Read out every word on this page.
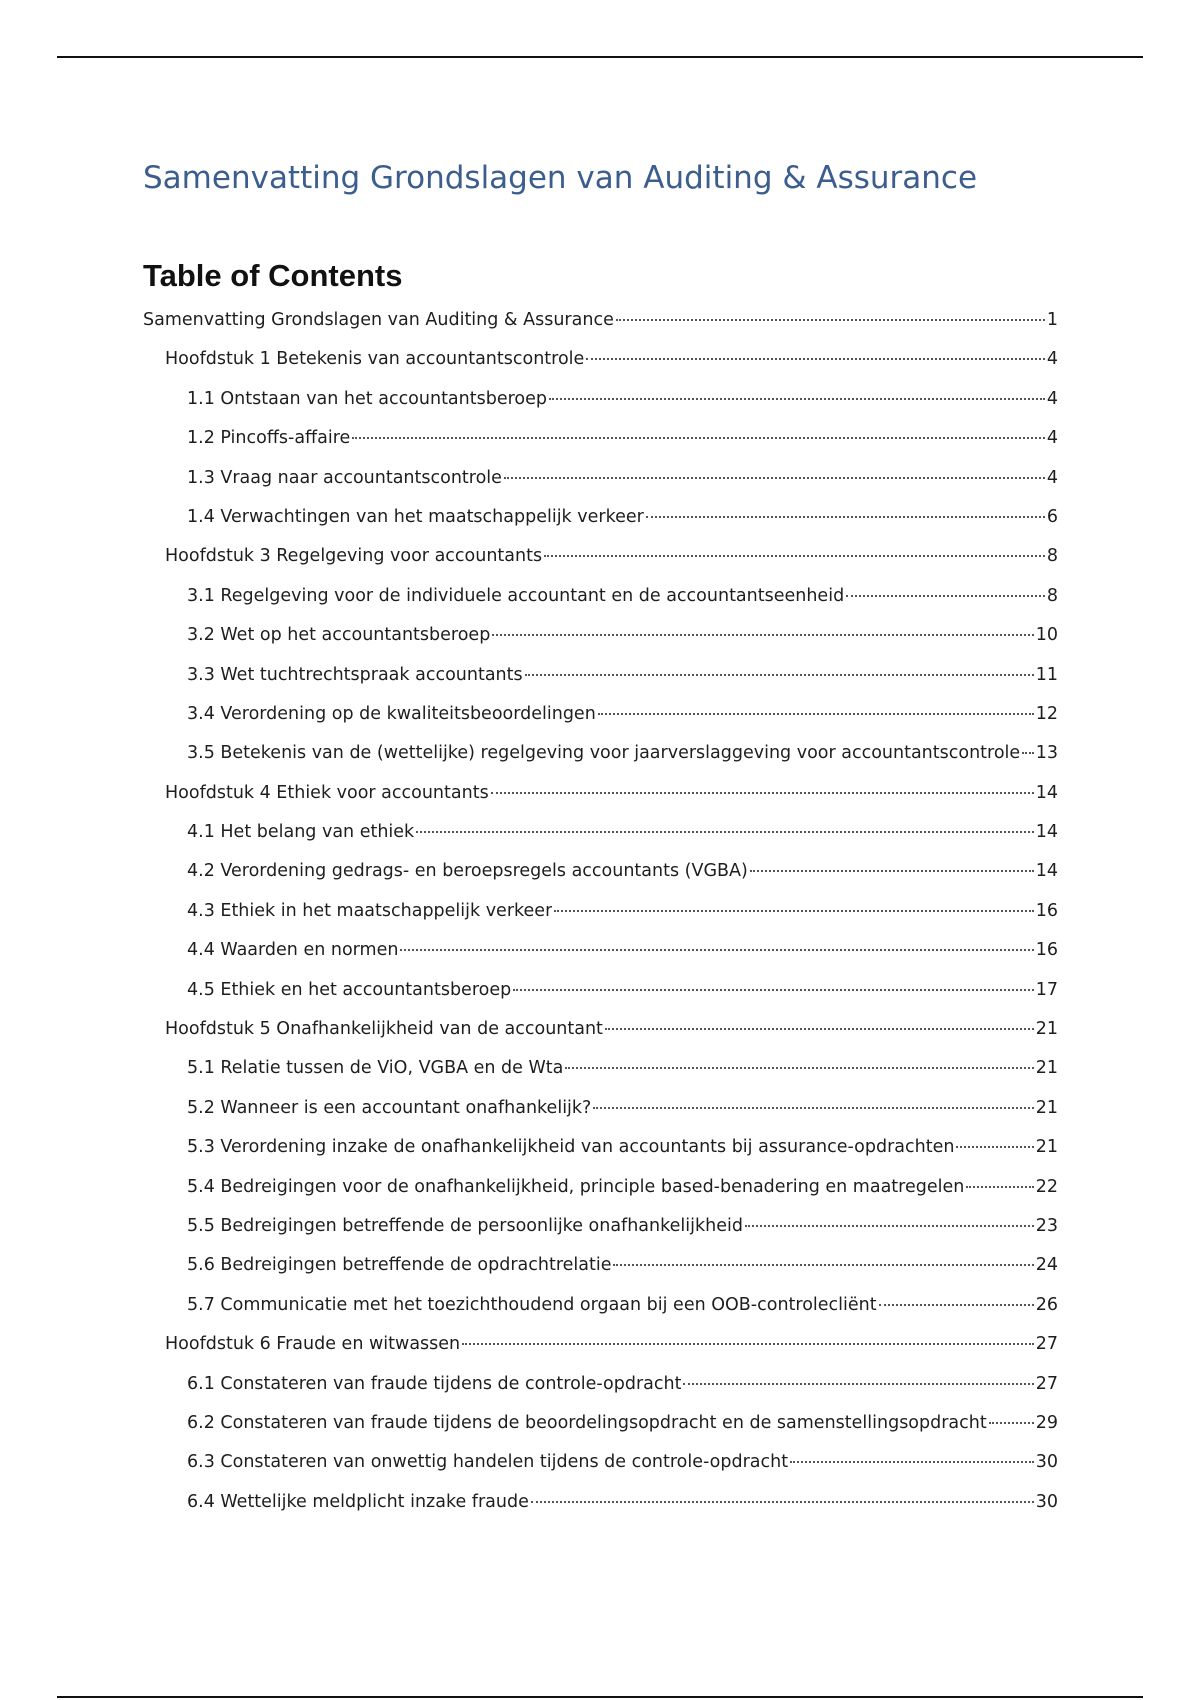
Samenvatting Grondslagen van Auditing & Assurance
Table of Contents
Samenvatting Grondslagen van Auditing & Assurance	1
Hoofdstuk 1 Betekenis van accountantscontrole	4
1.1 Ontstaan van het accountantsberoep	4
1.2 Pincoffs-affaire	4
1.3 Vraag naar accountantscontrole	4
1.4 Verwachtingen van het maatschappelijk verkeer	6
Hoofdstuk 3 Regelgeving voor accountants	8
3.1 Regelgeving voor de individuele accountant en de accountantseenheid	8
3.2 Wet op het accountantsberoep	10
3.3 Wet tuchtrechtspraak accountants	11
3.4 Verordening op de kwaliteitsbeoordelingen	12
3.5 Betekenis van de (wettelijke) regelgeving voor jaarverslaggeving voor accountantscontrole 13
Hoofdstuk 4 Ethiek voor accountants	14
4.1 Het belang van ethiek	14
4.2 Verordening gedrags- en beroepsregels accountants (VGBA)	14
4.3 Ethiek in het maatschappelijk verkeer	16
4.4 Waarden en normen	16
4.5 Ethiek en het accountantsberoep	17
Hoofdstuk 5 Onafhankelijkheid van de accountant	21
5.1 Relatie tussen de ViO, VGBA en de Wta	21
5.2 Wanneer is een accountant onafhankelijk?	21
5.3 Verordening inzake de onafhankelijkheid van accountants bij assurance-opdrachten	21
5.4 Bedreigingen voor de onafhankelijkheid, principle based-benadering en maatregelen	22
5.5 Bedreigingen betreffende de persoonlijke onafhankelijkheid	23
5.6 Bedreigingen betreffende de opdrachtrelatie	24
5.7 Communicatie met het toezichthoudend orgaan bij een OOB-controlecliënt	26
Hoofdstuk 6 Fraude en witwassen	27
6.1 Constateren van fraude tijdens de controle-opdracht	27
6.2 Constateren van fraude tijdens de beoordelingsopdracht en de samenstellingsopdracht	29
6.3 Constateren van onwettig handelen tijdens de controle-opdracht	30
6.4 Wettelijke meldplicht inzake fraude	30
